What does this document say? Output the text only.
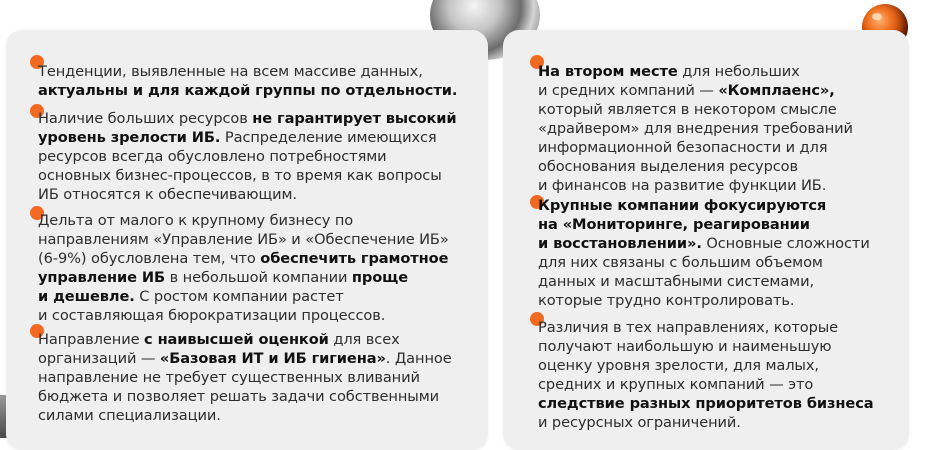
Тенденции, выявленные на всем массиве данных,
актуальны и для каждой группы по отдельности.

Наличие больших ресурсов не гарантирует высокий
уровень зрелости ИБ. Распределение имеющихся
ресурсов всегда обусловлено потребностями
основных бизнес-процессов, в то время как вопросы
ИБ относятся к обеспечивающим.

Дельта от малого к крупному бизнесу по
направлениям «Управление ИБ» и «Обеспечение ИБ»
(6-9%) обусловлена тем, что обеспечить грамотное
управление ИБ в небольшой компании проще
и дешевле. С ростом компании растет
и составляющая бюрократизации процессов.

Направление с наивысшей оценкой для всех
организаций — «Базовая ИТ и ИБ гигиена». Данное
направление не требует существенных вливаний
бюджета и позволяет решать задачи собственными
силами специализации.

На втором месте для небольших
и средних компаний — «Комплаенс»,
который является в некотором смысле
«драйвером» для внедрения требований
информационной безопасности и для
обоснования выделения ресурсов
и финансов на развитие функции ИБ.

Крупные компании фокусируются
на «Мониторинге, реагировании
и восстановлении». Основные сложности
для них связаны с большим объемом
данных и масштабными системами,
которые трудно контролировать.

Различия в тех направлениях, которые
получают наибольшую и наименьшую
оценку уровня зрелости, для малых,
средних и крупных компаний — это
следствие разных приоритетов бизнеса
и ресурсных ограничений.
